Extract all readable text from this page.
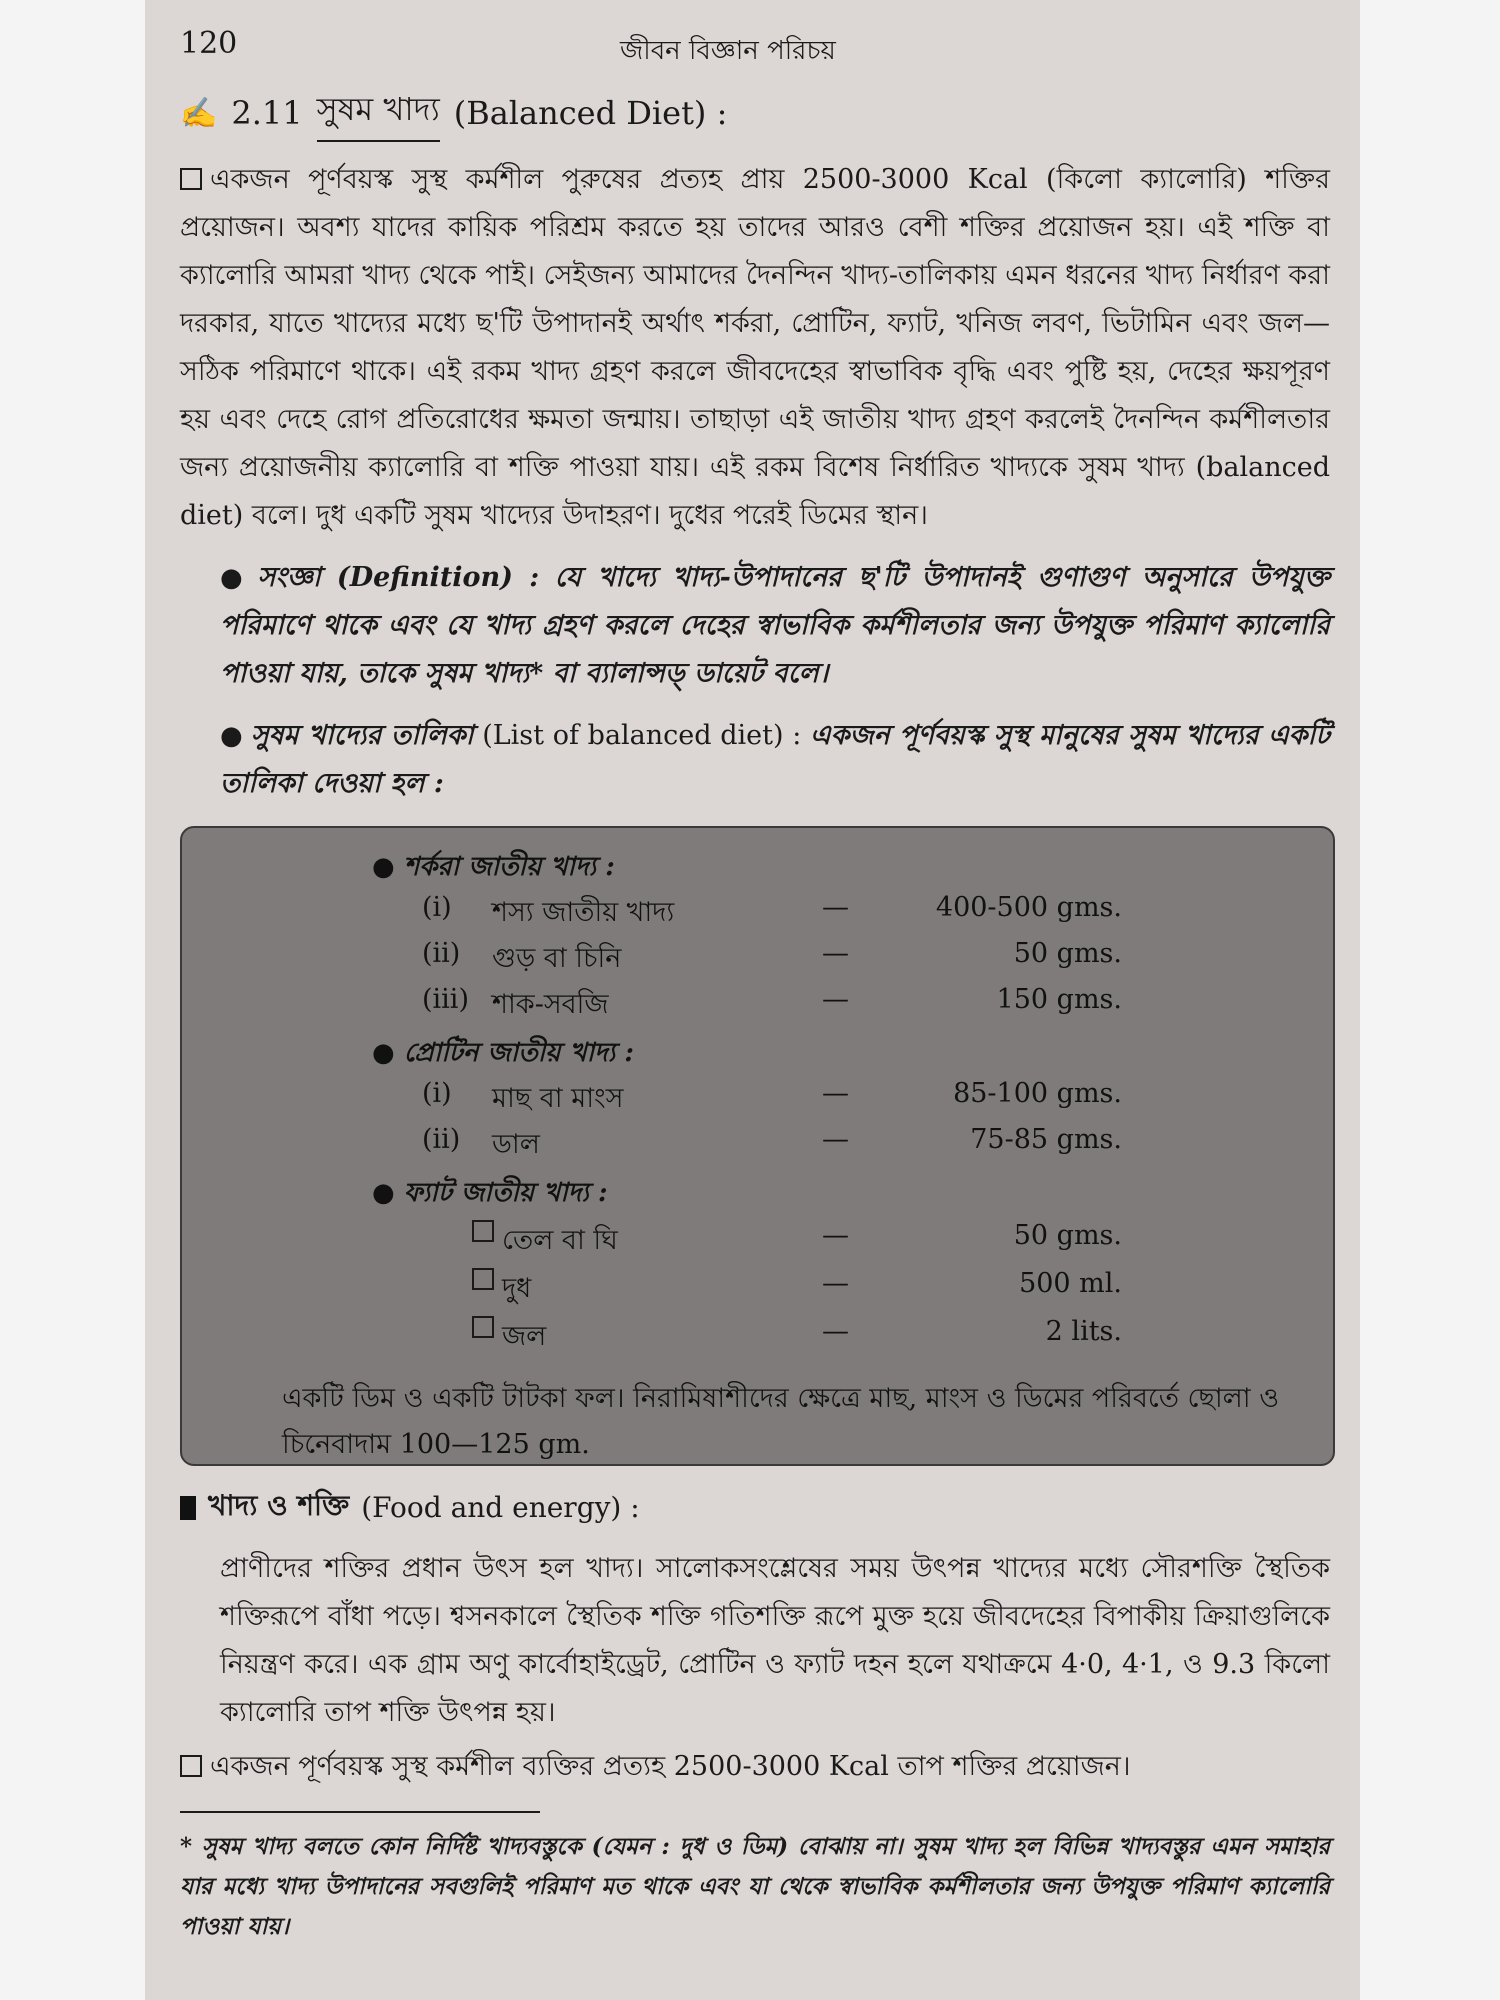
120	জীবন বিজ্ঞান পরিচয়
✍ 2.11 সুষম খাদ্য (Balanced Diet) :

একজন পূর্ণবয়স্ক সুস্থ কর্মশীল পুরুষের প্রত্যহ প্রায় 2500-3000 Kcal (কিলো ক্যালোরি) শক্তির প্রয়োজন। অবশ্য যাদের কায়িক পরিশ্রম করতে হয় তাদের আরও বেশী শক্তির প্রয়োজন হয়। এই শক্তি বা ক্যালোরি আমরা খাদ্য থেকে পাই। সেইজন্য আমাদের দৈনন্দিন খাদ্য-তালিকায় এমন ধরনের খাদ্য নির্ধারণ করা দরকার, যাতে খাদ্যের মধ্যে ছ'টি উপাদানই অর্থাৎ শর্করা, প্রোটিন, ফ্যাট, খনিজ লবণ, ভিটামিন এবং জল—সঠিক পরিমাণে থাকে। এই রকম খাদ্য গ্রহণ করলে জীবদেহের স্বাভাবিক বৃদ্ধি এবং পুষ্টি হয়, দেহের ক্ষয়পূরণ হয় এবং দেহে রোগ প্রতিরোধের ক্ষমতা জন্মায়। তাছাড়া এই জাতীয় খাদ্য গ্রহণ করলেই দৈনন্দিন কর্মশীলতার জন্য প্রয়োজনীয় ক্যালোরি বা শক্তি পাওয়া যায়। এই রকম বিশেষ নির্ধারিত খাদ্যকে সুষম খাদ্য (balanced diet) বলে। দুধ একটি সুষম খাদ্যের উদাহরণ। দুধের পরেই ডিমের স্থান।

● সংজ্ঞা (Definition) : যে খাদ্যে খাদ্য-উপাদানের ছ'টি উপাদানই গুণাগুণ অনুসারে উপযুক্ত পরিমাণে থাকে এবং যে খাদ্য গ্রহণ করলে দেহের স্বাভাবিক কর্মশীলতার জন্য উপযুক্ত পরিমাণ ক্যালোরি পাওয়া যায়, তাকে সুষম খাদ্য* বা ব্যালান্সড্ ডায়েট বলে।

● সুষম খাদ্যের তালিকা (List of balanced diet) : একজন পূর্ণবয়স্ক সুস্থ মানুষের সুষম খাদ্যের একটি তালিকা দেওয়া হল :

● শর্করা জাতীয় খাদ্য :
(i) শস্য জাতীয় খাদ্য	—	400-500 gms.
(ii) গুড় বা চিনি	—	50 gms.
(iii) শাক-সবজি	—	150 gms.
● প্রোটিন জাতীয় খাদ্য :
(i) মাছ বা মাংস	—	85-100 gms.
(ii) ডাল	—	75-85 gms.
● ফ্যাট জাতীয় খাদ্য :
তেল বা ঘি	—	50 gms.
দুধ	—	500 ml.
জল	—	2 lits.
একটি ডিম ও একটি টাটকা ফল। নিরামিষাশীদের ক্ষেত্রে মাছ, মাংস ও ডিমের পরিবর্তে ছোলা ও চিনেবাদাম 100—125 gm.
খাদ্য ও শক্তি (Food and energy) :

প্রাণীদের শক্তির প্রধান উৎস হল খাদ্য। সালোকসংশ্লেষের সময় উৎপন্ন খাদ্যের মধ্যে সৌরশক্তি স্থৈতিক শক্তিরূপে বাঁধা পড়ে। শ্বসনকালে স্থৈতিক শক্তি গতিশক্তি রূপে মুক্ত হয়ে জীবদেহের বিপাকীয় ক্রিয়াগুলিকে নিয়ন্ত্রণ করে। এক গ্রাম অণু কার্বোহাইড্রেট, প্রোটিন ও ফ্যাট দহন হলে যথাক্রমে 4·0, 4·1, ও 9.3 কিলো ক্যালোরি তাপ শক্তি উৎপন্ন হয়।

একজন পূর্ণবয়স্ক সুস্থ কর্মশীল ব্যক্তির প্রত্যহ 2500-3000 Kcal তাপ শক্তির প্রয়োজন।

* সুষম খাদ্য বলতে কোন নির্দিষ্ট খাদ্যবস্তুকে (যেমন : দুধ ও ডিম) বোঝায় না। সুষম খাদ্য হল বিভিন্ন খাদ্যবস্তুর এমন সমাহার যার মধ্যে খাদ্য উপাদানের সবগুলিই পরিমাণ মত থাকে এবং যা থেকে স্বাভাবিক কর্মশীলতার জন্য উপযুক্ত পরিমাণ ক্যালোরি পাওয়া যায়।
